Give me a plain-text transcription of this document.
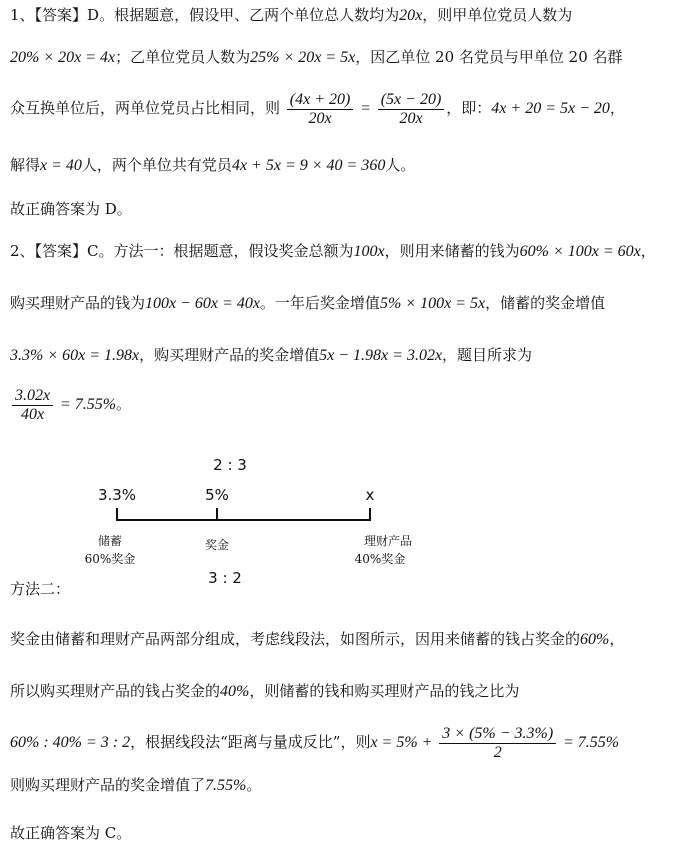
1、【答案】D。根据题意，假设甲、乙两个单位总人数均为20x，则甲单位党员人数为
20% × 20x = 4x；乙单位党员人数为25% × 20x = 5x，因乙单位 20 名党员与甲单位 20 名群
众互换单位后，两单位党员占比相同，则 $\frac{(4x + 20)}{20x} = \frac{(5x - 20)}{20x}$ ，即：4x + 20 = 5x − 20，
解得x = 40人，两个单位共有党员4x + 5x = 9 × 40 = 360人。
故正确答案为 D。
2、【答案】C。方法一：根据题意，假设奖金总额为100x，则用来储蓄的钱为60% × 100x = 60x，
购买理财产品的钱为100x − 60x = 40x。一年后奖金增值5% × 100x = 5x，储蓄的奖金增值
3.3% × 60x = 1.98x，购买理财产品的奖金增值5x − 1.98x = 3.02x，题目所求为
$\frac{3.02x}{40x} = 7.55\%$。
2 : 3
3.3%	5%	x
储蓄
60%奖金
奖金	理财产品
40%奖金
3 : 2
方法二：
奖金由储蓄和理财产品两部分组成，考虑线段法，如图所示，因用来储蓄的钱占奖金的60%，
所以购买理财产品的钱占奖金的40%，则储蓄的钱和购买理财产品的钱之比为
60% : 40% = 3 : 2，根据线段法“距离与量成反比”，则$x = 5\% + \frac{3 \times (5\% - 3.3\%)}{2} = 7.55\%$
则购买理财产品的奖金增值了7.55%。
故正确答案为 C。
